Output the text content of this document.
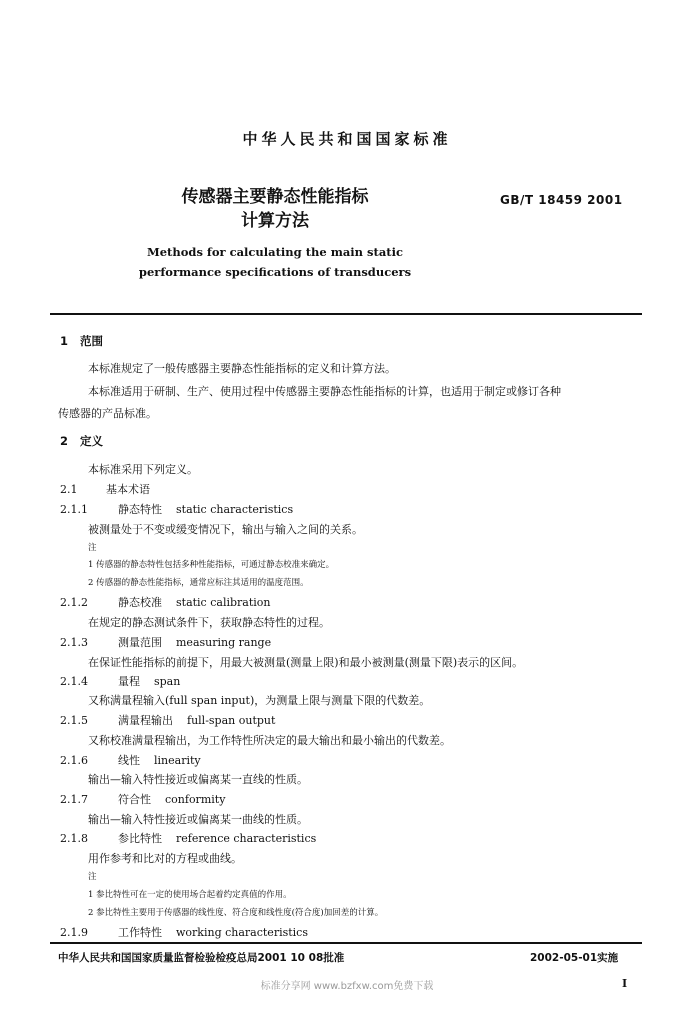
中华人民共和国国家标准
传感器主要静态性能指标
计算方法
GB/T 18459 2001
Methods for calculating the main static
performance specifications of transducers
1 范围
本标准规定了一般传感器主要静态性能指标的定义和计算方法。
本标准适用于研制、生产、使用过程中传感器主要静态性能指标的计算，也适用于制定或修订各种
传感器的产品标准。
2 定义
本标准采用下列定义。
2.1	基本术语
2.1.1	静态特性 static characteristics
被测量处于不变或缓变情况下，输出与输入之间的关系。
注
1 传感器的静态特性包括多种性能指标，可通过静态校准来确定。
2 传感器的静态性能指标，通常应标注其适用的温度范围。
2.1.2	静态校准 static calibration
在规定的静态测试条件下，获取静态特性的过程。
2.1.3	测量范围 measuring range
在保证性能指标的前提下，用最大被测量(测量上限)和最小被测量(测量下限)表示的区间。
2.1.4	量程 span
又称满量程输入(full span input)，为测量上限与测量下限的代数差。
2.1.5	满量程输出 full-span output
又称校准满量程输出，为工作特性所决定的最大输出和最小输出的代数差。
2.1.6	线性 linearity
输出—输入特性接近或偏离某一直线的性质。
2.1.7	符合性 conformity
输出—输入特性接近或偏离某一曲线的性质。
2.1.8	参比特性 reference characteristics
用作参考和比对的方程或曲线。
注
1 参比特性可在一定的使用场合起着约定真值的作用。
2 参比特性主要用于传感器的线性度、符合度和线性度(符合度)加回差的计算。
2.1.9	工作特性 working characteristics
中华人民共和国国家质量监督检验检疫总局2001 10 08批准	2002-05-01实施
标准分享网 www.bzfxw.com免费下载	I
